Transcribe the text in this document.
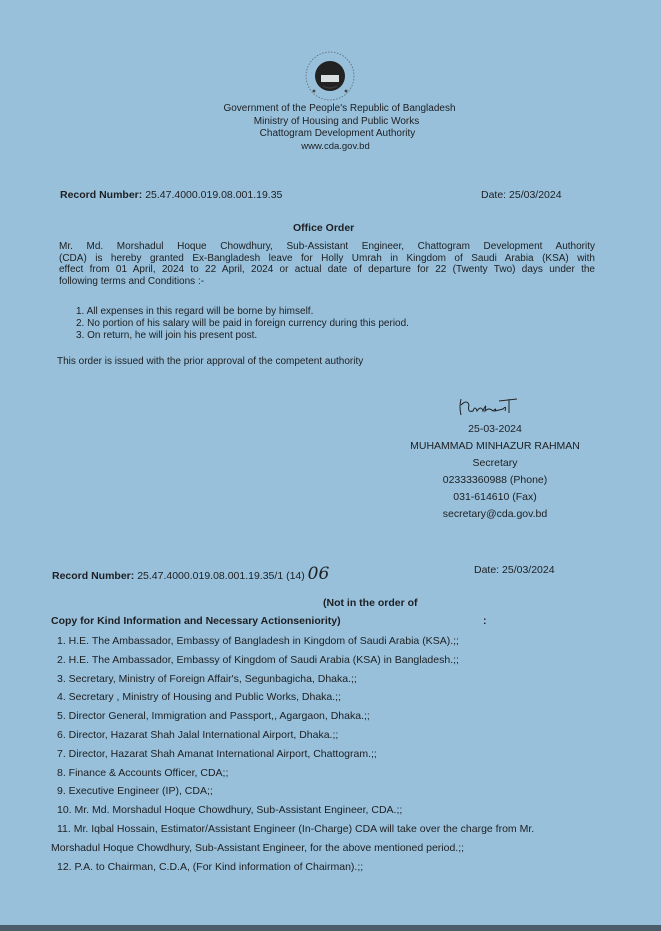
Government of the People's Republic of Bangladesh
Ministry of Housing and Public Works
Chattogram Development Authority
www.cda.gov.bd
Record Number: 25.47.4000.019.08.001.19.35	Date: 25/03/2024
Office Order
Mr. Md. Morshadul Hoque Chowdhury, Sub-Assistant Engineer, Chattogram Development Authority
(CDA) is hereby granted Ex-Bangladesh leave for Holly Umrah in Kingdom of Saudi Arabia (KSA) with
effect from 01 April, 2024 to 22 April, 2024 or actual date of departure for 22 (Twenty Two) days under the
following terms and Conditions :-
1. All expenses in this regard will be borne by himself.
2. No portion of his salary will be paid in foreign currency during this period.
3. On return, he will join his present post.
This order is issued with the prior approval of the competent authority
25-03-2024
MUHAMMAD MINHAZUR RAHMAN
Secretary
02333360988 (Phone)
031-614610 (Fax)
secretary@cda.gov.bd
Record Number: 25.47.4000.019.08.001.19.35/1 (14) 06	Date: 25/03/2024
(Not in the order of
Copy for Kind Information and Necessary Actionseniority)	:
1. H.E. The Ambassador, Embassy of Bangladesh in Kingdom of Saudi Arabia (KSA).;;
2. H.E. The Ambassador, Embassy of Kingdom of Saudi Arabia (KSA) in Bangladesh.;;
3. Secretary, Ministry of Foreign Affair's, Segunbagicha, Dhaka.;;
4. Secretary , Ministry of Housing and Public Works, Dhaka.;;
5. Director General, Immigration and Passport,, Agargaon, Dhaka.;;
6. Director, Hazarat Shah Jalal International Airport, Dhaka.;;
7. Director, Hazarat Shah Amanat International Airport, Chattogram.;;
8. Finance & Accounts Officer, CDA;;
9. Executive Engineer (IP), CDA;;
10. Mr. Md. Morshadul Hoque Chowdhury, Sub-Assistant Engineer, CDA.;;
11. Mr. Iqbal Hossain, Estimator/Assistant Engineer (In-Charge) CDA will take over the charge from Mr.
Morshadul Hoque Chowdhury, Sub-Assistant Engineer, for the above mentioned period.;;
12. P.A. to Chairman, C.D.A, (For Kind information of Chairman).;;
